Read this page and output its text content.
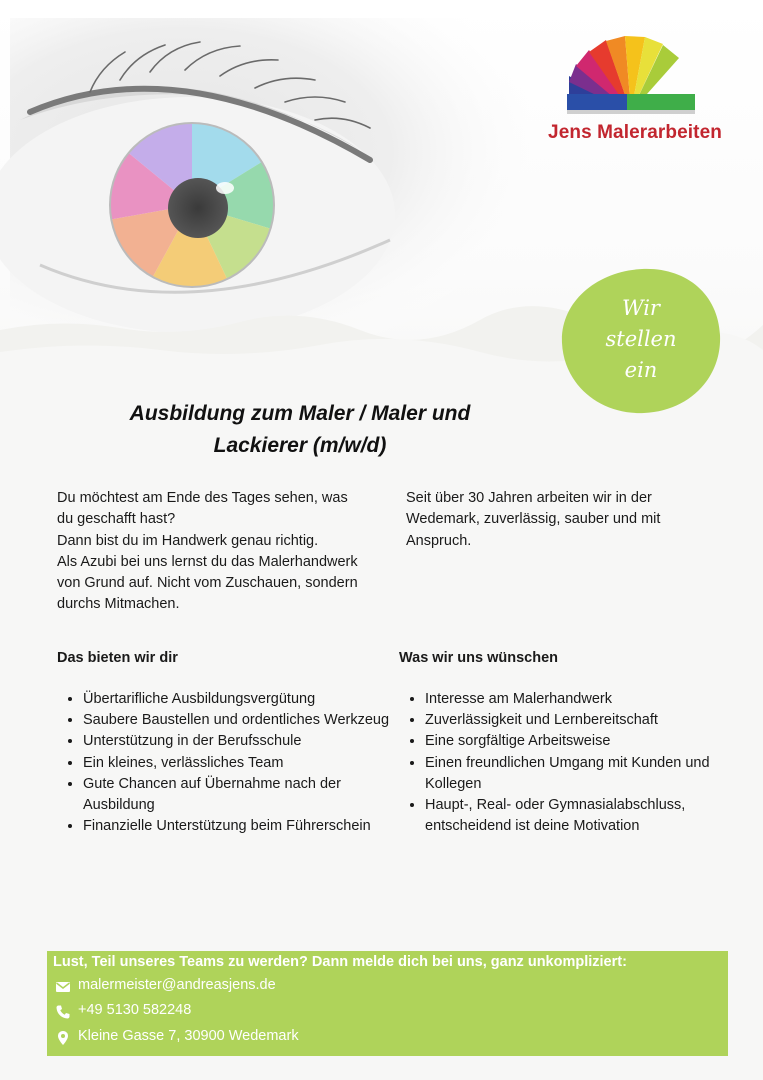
Jens Malerarbeiten
Wir
stellen
ein
Ausbildung zum Maler / Maler und
Lackierer (m/w/d)
Du möchtest am Ende des Tages sehen, was
du geschafft hast?
Dann bist du im Handwerk genau richtig.
Als Azubi bei uns lernst du das Malerhandwerk
von Grund auf. Nicht vom Zuschauen, sondern
durchs Mitmachen.
Seit über 30 Jahren arbeiten wir in der Wedemark, zuverlässig, sauber und mit Anspruch.
Das bieten wir dir
• Übertarifliche Ausbildungsvergütung
• Saubere Baustellen und ordentliches Werkzeug
• Unterstützung in der Berufsschule
• Ein kleines, verlässliches Team
• Gute Chancen auf Übernahme nach der Ausbildung
• Finanzielle Unterstützung beim Führerschein
Was wir uns wünschen
• Interesse am Malerhandwerk
• Zuverlässigkeit und Lernbereitschaft
• Eine sorgfältige Arbeitsweise
• Einen freundlichen Umgang mit Kunden und Kollegen
• Haupt-, Real- oder Gymnasialabschluss, entscheidend ist deine Motivation
Lust, Teil unseres Teams zu werden? Dann melde dich bei uns, ganz unkompliziert:
malermeister@andreasjens.de
+49 5130 582248
Kleine Gasse 7, 30900 Wedemark
